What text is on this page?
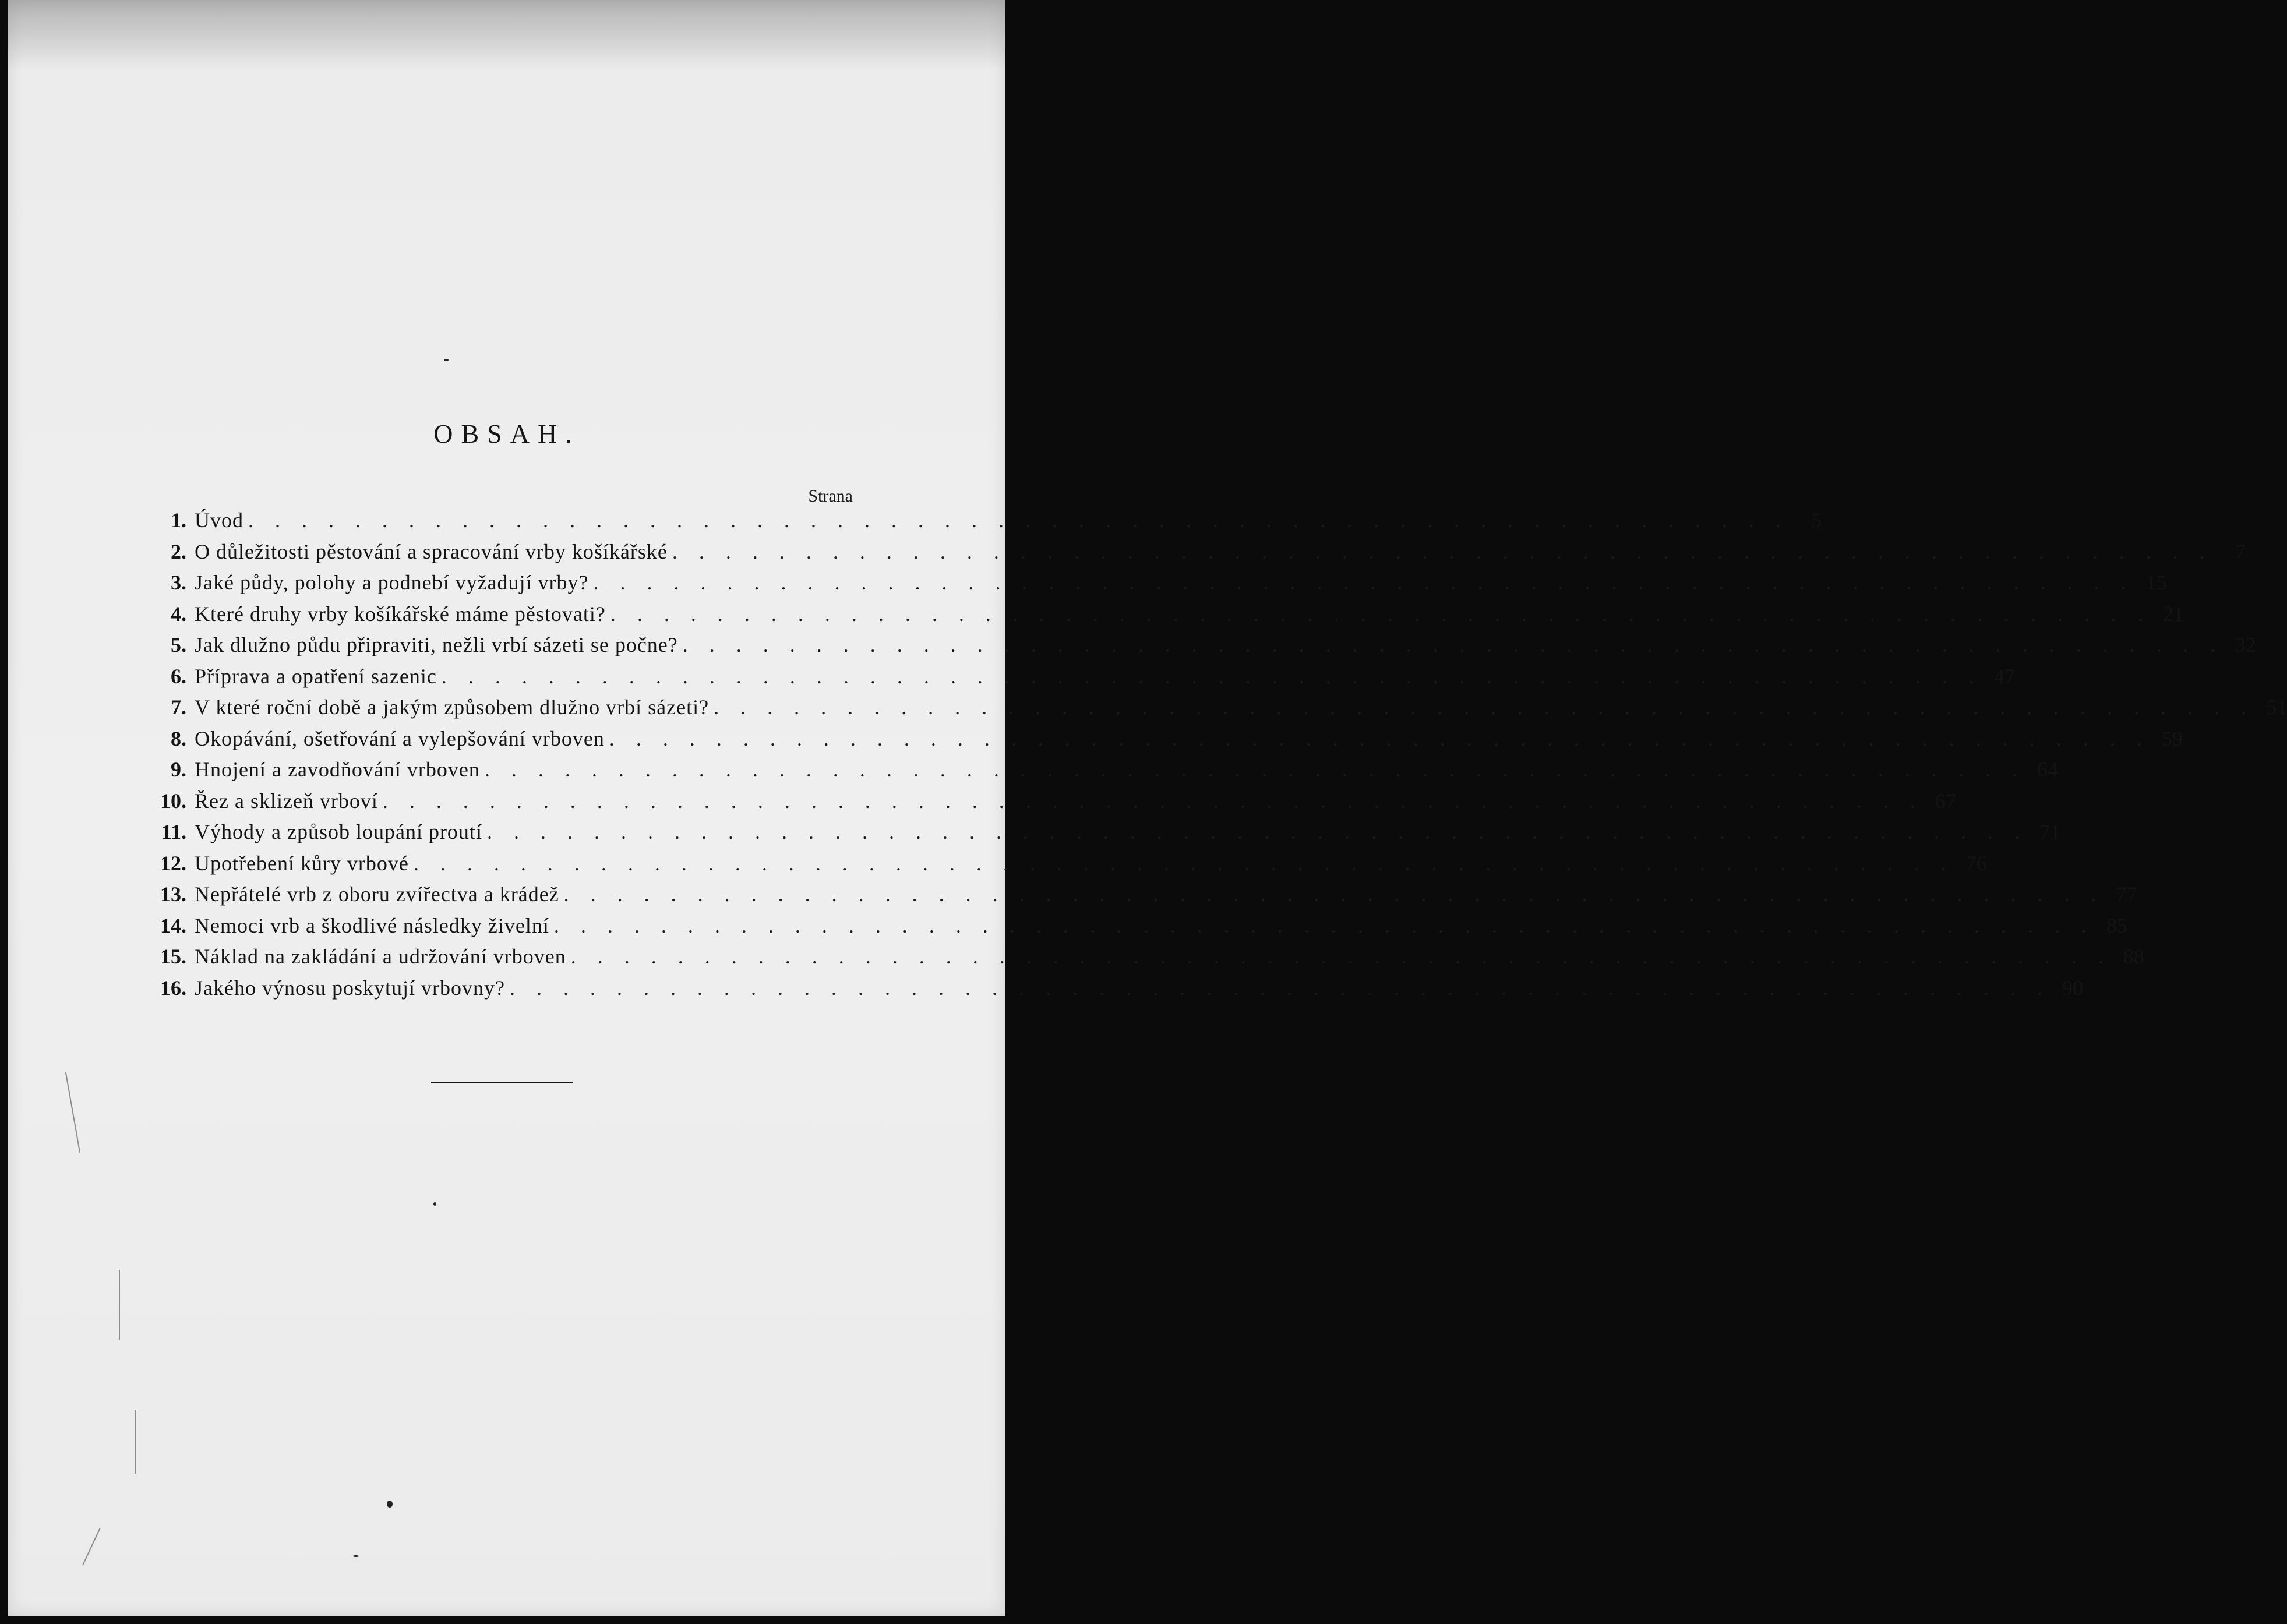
OBSAH.
Strana
1. Úvod . . . . . . . . . . . . . . . . . . . . . . . . . . . . . . . . . . . . . . . . . . . . . . . . . . . . . . . . . .	5
2. O důležitosti pěstování a spracování vrby košíkářské . . . . . . . . . . . . . . . . . . . . . . . . . . . . . . . . . . . . . . . . . . . . . . . . . . . . . . . . . .	7
3. Jaké půdy, polohy a podnebí vyžadují vrby? . . . . . . . . . . . . . . . . . . . . . . . . . . . . . . . . . . . . . . . . . . . . . . . . . . . . . . . . . . 15
4. Které druhy vrby košíkářské máme pěstovati? . . . . . . . . . . . . . . . . . . . . . . . . . . . . . . . . . . . . . . . . . . . . . . . . . . . . . . . . . . 21
5. Jak dlužno půdu připraviti, nežli vrbí sázeti se počne? . . . . . . . . . . . . . . . . . . . . . . . . . . . . . . . . . . . . . . . . . . . . . . . . . . . . . . . . . . 32
6. Příprava a opatření sazenic . . . . . . . . . . . . . . . . . . . . . . . . . . . . . . . . . . . . . . . . . . . . . . . . . . . . . . . . . . 47
7. V které roční době a jakým způsobem dlužno vrbí sázeti? . . . . . . . . . . . . . . . . . . . . . . . . . . . . . . . . . . . . . . . . . . . . . . . . . . . . . . . . . . 51
8. Okopávání, ošetřování a vylepšování vrboven . . . . . . . . . . . . . . . . . . . . . . . . . . . . . . . . . . . . . . . . . . . . . . . . . . . . . . . . . . 59
9. Hnojení a zavodňování vrboven . . . . . . . . . . . . . . . . . . . . . . . . . . . . . . . . . . . . . . . . . . . . . . . . . . . . . . . . . . 64
10. Řez a sklizeň vrboví . . . . . . . . . . . . . . . . . . . . . . . . . . . . . . . . . . . . . . . . . . . . . . . . . . . . . . . . . . 67
11. Výhody a způsob loupání proutí . . . . . . . . . . . . . . . . . . . . . . . . . . . . . . . . . . . . . . . . . . . . . . . . . . . . . . . . . . 71
12. Upotřebení kůry vrbové . . . . . . . . . . . . . . . . . . . . . . . . . . . . . . . . . . . . . . . . . . . . . . . . . . . . . . . . . . 76
13. Nepřátelé vrb z oboru zvířectva a krádež . . . . . . . . . . . . . . . . . . . . . . . . . . . . . . . . . . . . . . . . . . . . . . . . . . . . . . . . . . 77
14. Nemoci vrb a škodlivé následky živelní . . . . . . . . . . . . . . . . . . . . . . . . . . . . . . . . . . . . . . . . . . . . . . . . . . . . . . . . . . 85
15. Náklad na zakládání a udržování vrboven . . . . . . . . . . . . . . . . . . . . . . . . . . . . . . . . . . . . . . . . . . . . . . . . . . . . . . . . . . 88
16. Jakého výnosu poskytují vrbovny? . . . . . . . . . . . . . . . . . . . . . . . . . . . . . . . . . . . . . . . . . . . . . . . . . . . . . . . . . . 90
